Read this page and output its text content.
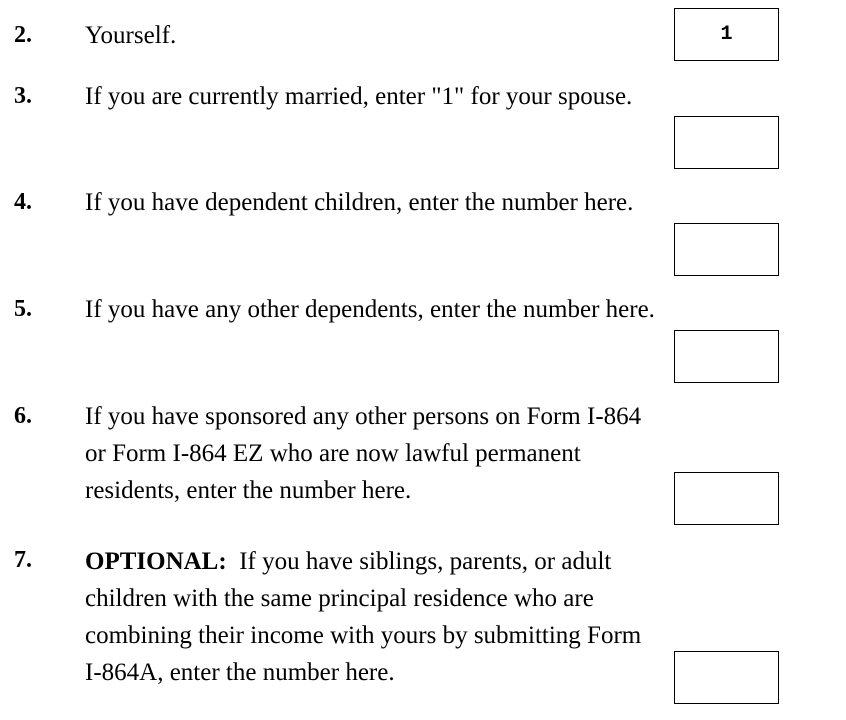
2. Yourself.
1
3. If you are currently married, enter "1" for your spouse.
4. If you have dependent children, enter the number here.
5. If you have any other dependents, enter the number here.
6. If you have sponsored any other persons on Form I-864
or Form I-864 EZ who are now lawful permanent
residents, enter the number here.
7. OPTIONAL: If you have siblings, parents, or adult
children with the same principal residence who are
combining their income with yours by submitting Form
I-864A, enter the number here.
